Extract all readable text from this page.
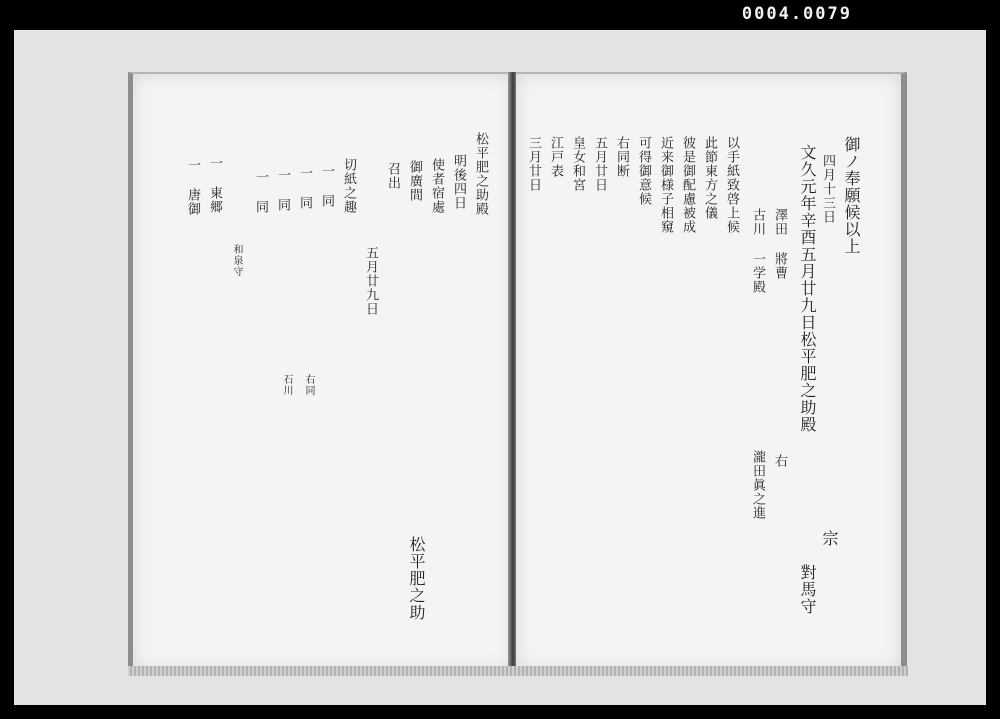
0004.0079
松平肥之助殿
明後四日
使者宿處
御廣間
召出
五月廿九日
切紙之趣
松平肥之助
一 同
一 同
一 同
一 同
一 東郷
一 唐御
右同
石川
和泉守
御ノ奉願候以上
四月十三日
文久元年辛酉五月廿九日松平肥之助殿
澤田 將曹
古川 一学殿
以手紙致啓上候
此節東方之儀
彼是御配慮被成
近来御様子相窺
可得御意候
右同断
五月廿日
皇女和宮
江戸表
三月廿日
右
宗
對馬守
瀧田眞之進
